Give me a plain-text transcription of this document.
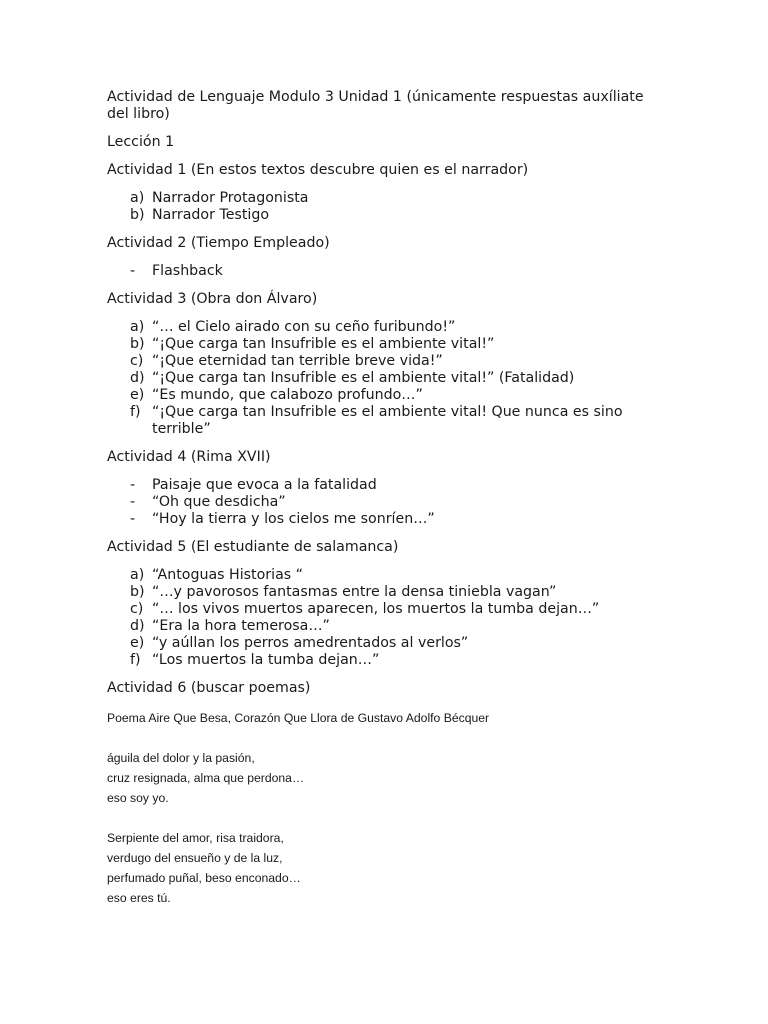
Actividad de Lenguaje Modulo 3 Unidad 1 (únicamente respuestas auxíliate del libro)

Lección 1

Actividad 1 (En estos textos descubre quien es el narrador)

a) Narrador Protagonista
b) Narrador Testigo

Actividad 2 (Tiempo Empleado)

- Flashback

Actividad 3 (Obra don Álvaro)

a) “… el Cielo airado con su ceño furibundo!”
b) “¡Que carga tan Insufrible es el ambiente vital!”
c) “¡Que eternidad tan terrible breve vida!”
d) “¡Que carga tan Insufrible es el ambiente vital!” (Fatalidad)
e) “Es mundo, que calabozo profundo…”
f) “¡Que carga tan Insufrible es el ambiente vital! Que nunca es sino terrible”

Actividad 4 (Rima XVII)

- Paisaje que evoca a la fatalidad
- “Oh que desdicha”
- “Hoy la tierra y los cielos me sonríen…”

Actividad 5 (El estudiante de salamanca)

a) “Antoguas Historias “
b) “…y pavorosos fantasmas entre la densa tiniebla vagan”
c) “… los vivos muertos aparecen, los muertos la tumba dejan…”
d) “Era la hora temerosa…”
e) “y aúllan los perros amedrentados al verlos”
f) “Los muertos la tumba dejan…”

Actividad 6 (buscar poemas)

Poema Aire Que Besa, Corazón Que Llora de Gustavo Adolfo Bécquer

águila del dolor y la pasión,

cruz resignada, alma que perdona…

eso soy yo.

Serpiente del amor, risa traidora,

verdugo del ensueño y de la luz,

perfumado puñal, beso enconado…

eso eres tú.
